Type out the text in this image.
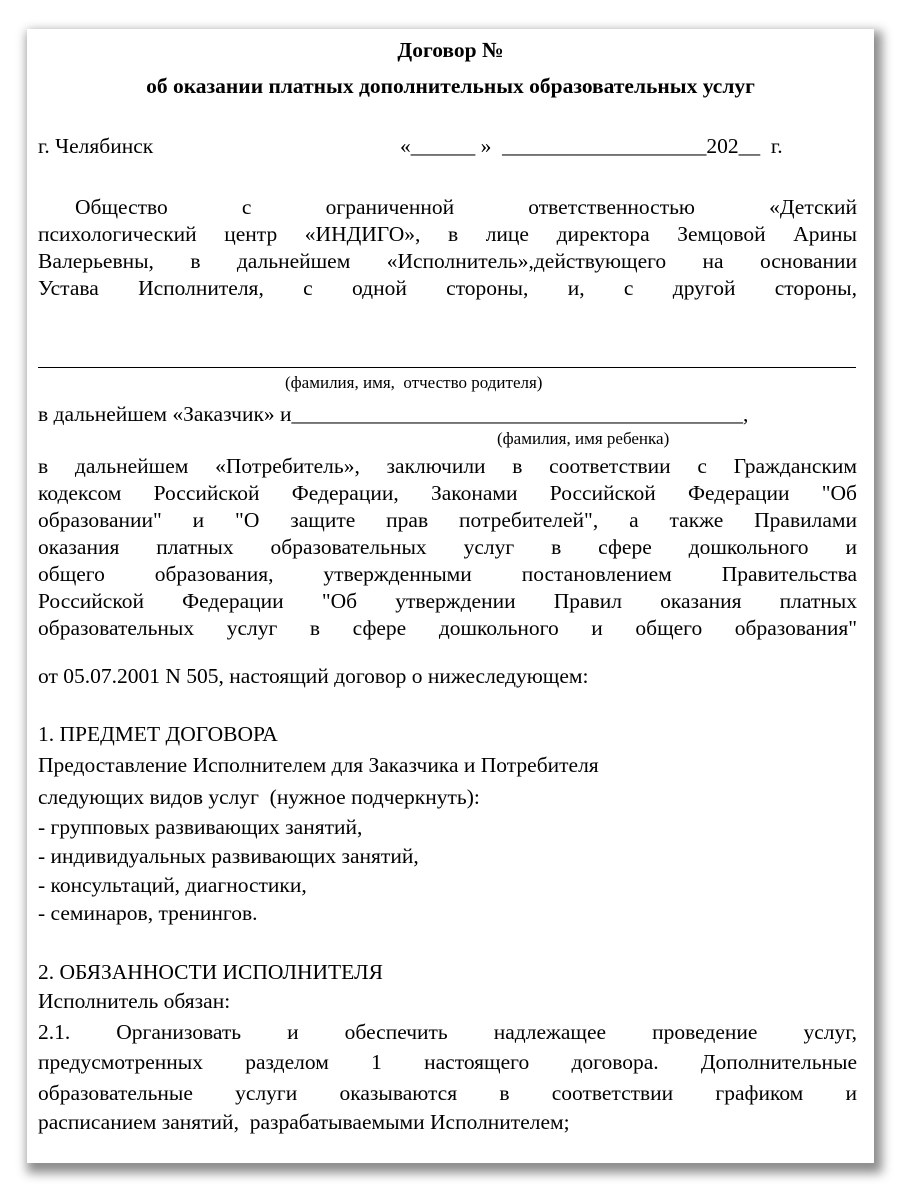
Договор №
об оказании платных дополнительных образовательных услуг
г. Челябинск	«______ »  ___________________202__  г.
Общество с ограниченной ответственностью «Детский
психологический центр «ИНДИГО», в лице директора Земцовой Арины
Валерьевны, в дальнейшем «Исполнитель»,действующего на основании
Устава Исполнителя, с одной стороны, и, с другой стороны,
(фамилия, имя,  отчество родителя)
в дальнейшем «Заказчик» и__________________________________________,
(фамилия, имя ребенка)
в дальнейшем «Потребитель», заключили в соответствии с Гражданским
кодексом Российской Федерации, Законами Российской Федерации "Об
образовании" и "О защите прав потребителей", а также Правилами
оказания платных образовательных услуг в сфере дошкольного и
общего образования, утвержденными постановлением Правительства
Российской Федерации "Об утверждении Правил оказания платных
образовательных услуг в сфере дошкольного и общего образования"
от 05.07.2001 N 505, настоящий договор о нижеследующем:
1. ПРЕДМЕТ ДОГОВОРА
Предоставление Исполнителем для Заказчика и Потребителя
следующих видов услуг  (нужное подчеркнуть):
- групповых развивающих занятий,
- индивидуальных развивающих занятий,
- консультаций, диагностики,
- семинаров, тренингов.
2. ОБЯЗАННОСТИ ИСПОЛНИТЕЛЯ
Исполнитель обязан:
2.1. Организовать и обеспечить надлежащее проведение услуг,
предусмотренных разделом 1 настоящего договора. Дополнительные
образовательные услуги оказываются в соответствии графиком и
расписанием занятий,  разрабатываемыми Исполнителем;
